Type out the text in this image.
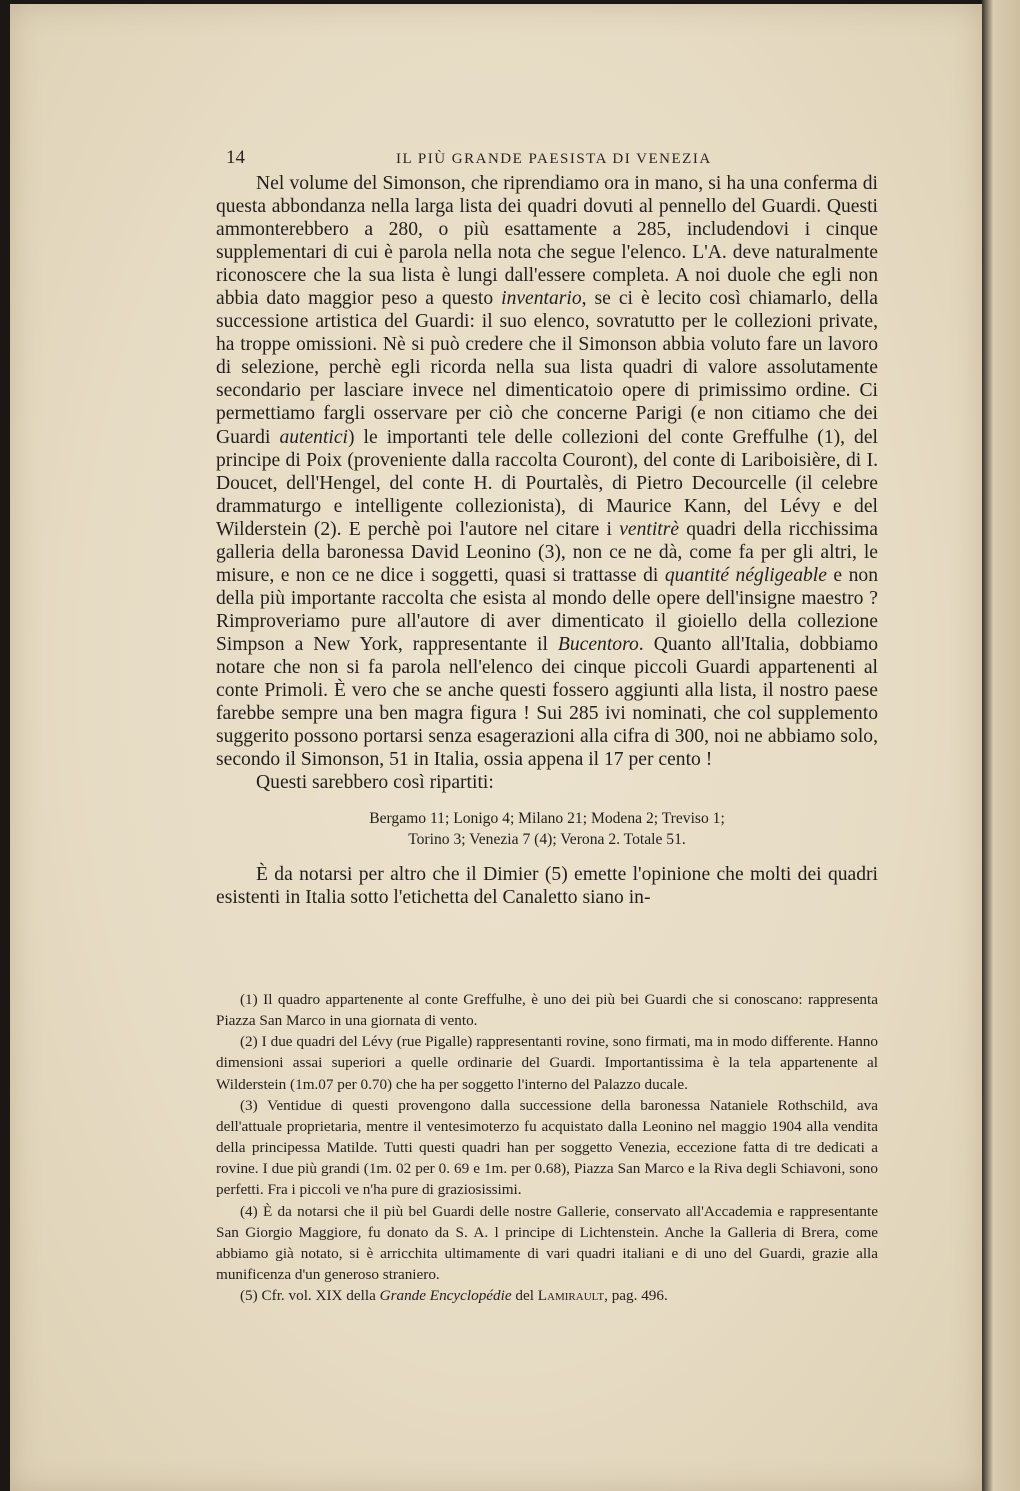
14	IL PIÙ GRANDE PAESISTA DI VENEZIA

Nel volume del Simonson, che riprendiamo ora in mano, si ha una conferma di questa abbondanza nella larga lista dei quadri dovuti al pennello del Guardi. Questi ammonterebbero a 280, o più esattamente a 285, includendovi i cinque supplementari di cui è parola nella nota che segue l'elenco. L'A. deve naturalmente riconoscere che la sua lista è lungi dall'essere completa. A noi duole che egli non abbia dato maggior peso a questo inventario, se ci è lecito così chiamarlo, della successione artistica del Guardi: il suo elenco, sovratutto per le collezioni private, ha troppe omissioni. Nè si può credere che il Simonson abbia voluto fare un lavoro di selezione, perchè egli ricorda nella sua lista quadri di valore assolutamente secondario per lasciare invece nel dimenticatoio opere di primissimo ordine. Ci permettiamo fargli osservare per ciò che concerne Parigi (e non citiamo che dei Guardi autentici) le importanti tele delle collezioni del conte Greffulhe (1), del principe di Poix (proveniente dalla raccolta Couront), del conte di Lariboisière, di I. Doucet, dell'Hengel, del conte H. di Pourtalès, di Pietro Decourcelle (il celebre drammaturgo e intelligente collezionista), di Maurice Kann, del Lévy e del Wilderstein (2). E perchè poi l'autore nel citare i ventitrè quadri della ricchissima galleria della baronessa David Leonino (3), non ce ne dà, come fa per gli altri, le misure, e non ce ne dice i soggetti, quasi si trattasse di quantité négligeable e non della più importante raccolta che esista al mondo delle opere dell'insigne maestro ? Rimproveriamo pure all'autore di aver dimenticato il gioiello della collezione Simpson a New York, rappresentante il Bucentoro. Quanto all'Italia, dobbiamo notare che non si fa parola nell'elenco dei cinque piccoli Guardi appartenenti al conte Primoli. È vero che se anche questi fossero aggiunti alla lista, il nostro paese farebbe sempre una ben magra figura ! Sui 285 ivi nominati, che col supplemento suggerito possono portarsi senza esagerazioni alla cifra di 300, noi ne abbiamo solo, secondo il Simonson, 51 in Italia, ossia appena il 17 per cento !

Questi sarebbero così ripartiti:

Bergamo 11; Lonigo 4; Milano 21; Modena 2; Treviso 1;
Torino 3; Venezia 7 (4); Verona 2. Totale 51.

È da notarsi per altro che il Dimier (5) emette l'opinione che molti dei quadri esistenti in Italia sotto l'etichetta del Canaletto siano in-

(1) Il quadro appartenente al conte Greffulhe, è uno dei più bei Guardi che si conoscano: rappresenta Piazza San Marco in una giornata di vento.

(2) I due quadri del Lévy (rue Pigalle) rappresentanti rovine, sono firmati, ma in modo differente. Hanno dimensioni assai superiori a quelle ordinarie del Guardi. Importantissima è la tela appartenente al Wilderstein (1m.07 per 0.70) che ha per soggetto l'interno del Palazzo ducale.

(3) Ventidue di questi provengono dalla successione della baronessa Nataniele Rothschild, ava dell'attuale proprietaria, mentre il ventesimoterzo fu acquistato dalla Leonino nel maggio 1904 alla vendita della principessa Matilde. Tutti questi quadri han per soggetto Venezia, eccezione fatta di tre dedicati a rovine. I due più grandi (1m. 02 per 0. 69 e 1m. per 0.68), Piazza San Marco e la Riva degli Schiavoni, sono perfetti. Fra i piccoli ve n'ha pure di graziosissimi.

(4) È da notarsi che il più bel Guardi delle nostre Gallerie, conservato all'Accademia e rappresentante San Giorgio Maggiore, fu donato da S. A. l principe di Lichtenstein. Anche la Galleria di Brera, come abbiamo già notato, si è arricchita ultimamente di vari quadri italiani e di uno del Guardi, grazie alla munificenza d'un generoso straniero.

(5) Cfr. vol. XIX della Grande Encyclopédie del Lamirault, pag. 496.
